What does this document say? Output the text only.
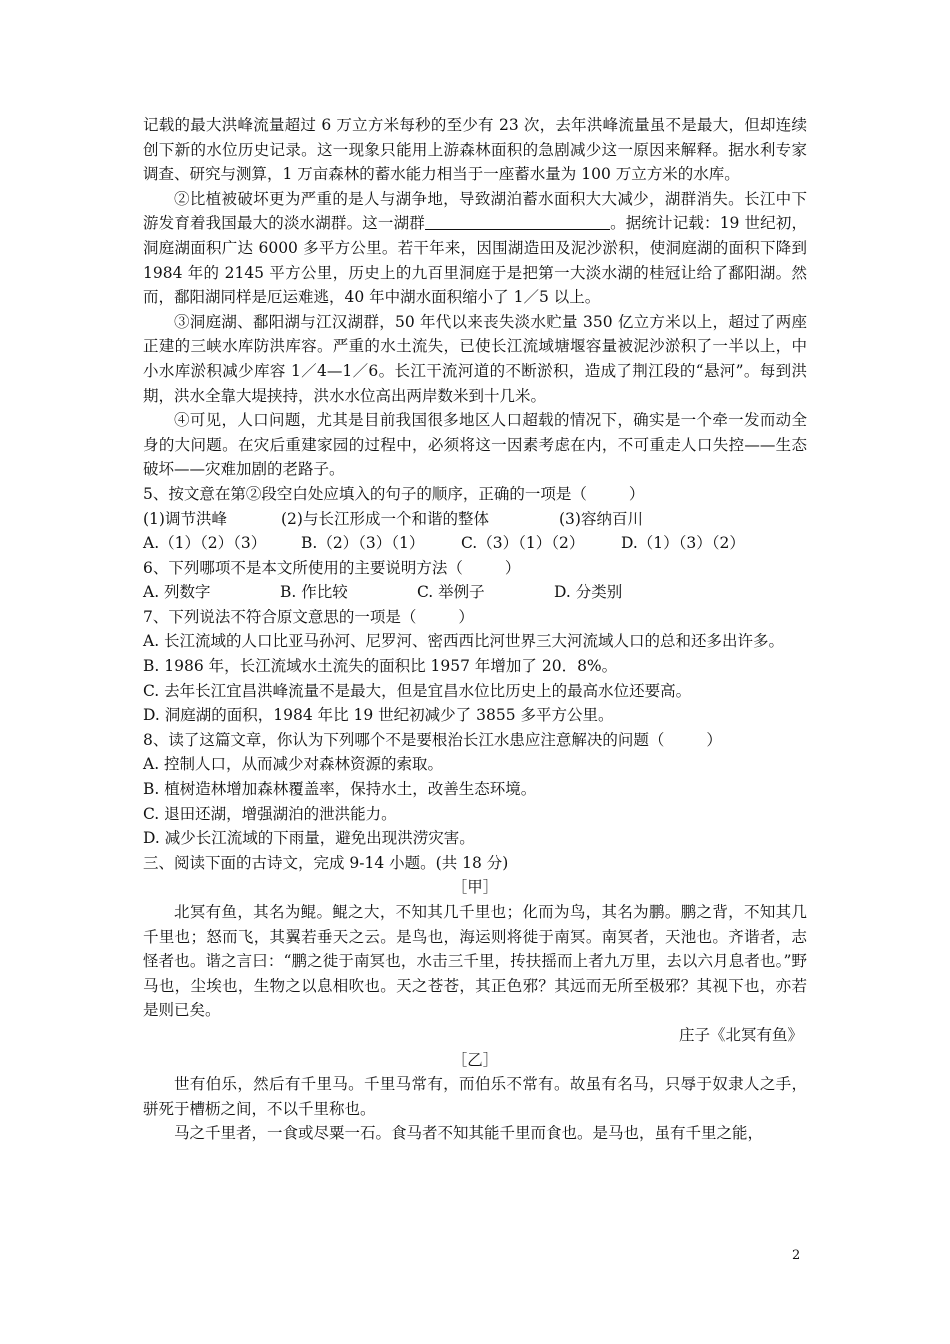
记载的最大洪峰流量超过 6 万立方米每秒的至少有 23 次，去年洪峰流量虽不是最大，但却连续创下新的水位历史记录。这一现象只能用上游森林面积的急剧减少这一原因来解释。据水利专家调查、研究与测算，1 万亩森林的蓄水能力相当于一座蓄水量为 100 万立方米的水库。

②比植被破坏更为严重的是人与湖争地，导致湖泊蓄水面积大大减少，湖群消失。长江中下游发育着我国最大的淡水湖群。这一湖群	。据统计记载：19 世纪初，洞庭湖面积广达 6000 多平方公里。若干年来，因围湖造田及泥沙淤积，使洞庭湖的面积下降到 1984 年的 2145 平方公里，历史上的九百里洞庭于是把第一大淡水湖的桂冠让给了鄱阳湖。然而，鄱阳湖同样是厄运难逃，40 年中湖水面积缩小了 1／5 以上。

③洞庭湖、鄱阳湖与江汉湖群，50 年代以来丧失淡水贮量 350 亿立方米以上，超过了两座正建的三峡水库防洪库容。严重的水土流失，已使长江流域塘堰容量被泥沙淤积了一半以上，中小水库淤积减少库容 1／4—1／6。长江干流河道的不断淤积，造成了荆江段的“悬河”。每到洪期，洪水全靠大堤挟持，洪水水位高出两岸数米到十几米。

④可见，人口问题，尤其是目前我国很多地区人口超载的情况下，确实是一个牵一发而动全身的大问题。在灾后重建家园的过程中，必须将这一因素考虑在内，不可重走人口失控——生态破坏——灾难加剧的老路子。

5、按文意在第②段空白处应填入的句子的顺序，正确的一项是（	）

(1)调节洪峰	(2)与长江形成一个和谐的整体	(3)容纳百川
A.（1）（2）（3）	B.（2）（3）（1）	C.（3）（1）（2）	D.（1）（3）（2）

6、下列哪项不是本文所使用的主要说明方法（	）

A. 列数字	B. 作比较	C. 举例子	D. 分类别

7、下列说法不符合原文意思的一项是（	）

A. 长江流域的人口比亚马孙河、尼罗河、密西西比河世界三大河流域人口的总和还多出许多。

B. 1986 年，长江流域水土流失的面积比 1957 年增加了 20．8%。

C. 去年长江宜昌洪峰流量不是最大，但是宜昌水位比历史上的最高水位还要高。

D. 洞庭湖的面积，1984 年比 19 世纪初减少了 3855 多平方公里。

8、读了这篇文章，你认为下列哪个不是要根治长江水患应注意解决的问题（	）

A. 控制人口，从而减少对森林资源的索取。

B. 植树造林增加森林覆盖率，保持水土，改善生态环境。

C. 退田还湖，增强湖泊的泄洪能力。

D. 减少长江流域的下雨量，避免出现洪涝灾害。

三、阅读下面的古诗文，完成 9-14 小题。(共 18 分)

［甲］

北冥有鱼，其名为鲲。鲲之大，不知其几千里也；化而为鸟，其名为鹏。鹏之背，不知其几千里也；怒而飞，其翼若垂天之云。是鸟也，海运则将徙于南冥。南冥者，天池也。齐谐者，志怪者也。谐之言曰：“鹏之徙于南冥也，水击三千里，抟扶摇而上者九万里，去以六月息者也。”野马也，尘埃也，生物之以息相吹也。天之苍苍，其正色邪？其远而无所至极邪？其视下也，亦若是则已矣。

庄子《北冥有鱼》

［乙］

世有伯乐，然后有千里马。千里马常有，而伯乐不常有。故虽有名马，只辱于奴隶人之手，骈死于槽枥之间，不以千里称也。

马之千里者，一食或尽粟一石。食马者不知其能千里而食也。是马也，虽有千里之能，

2
